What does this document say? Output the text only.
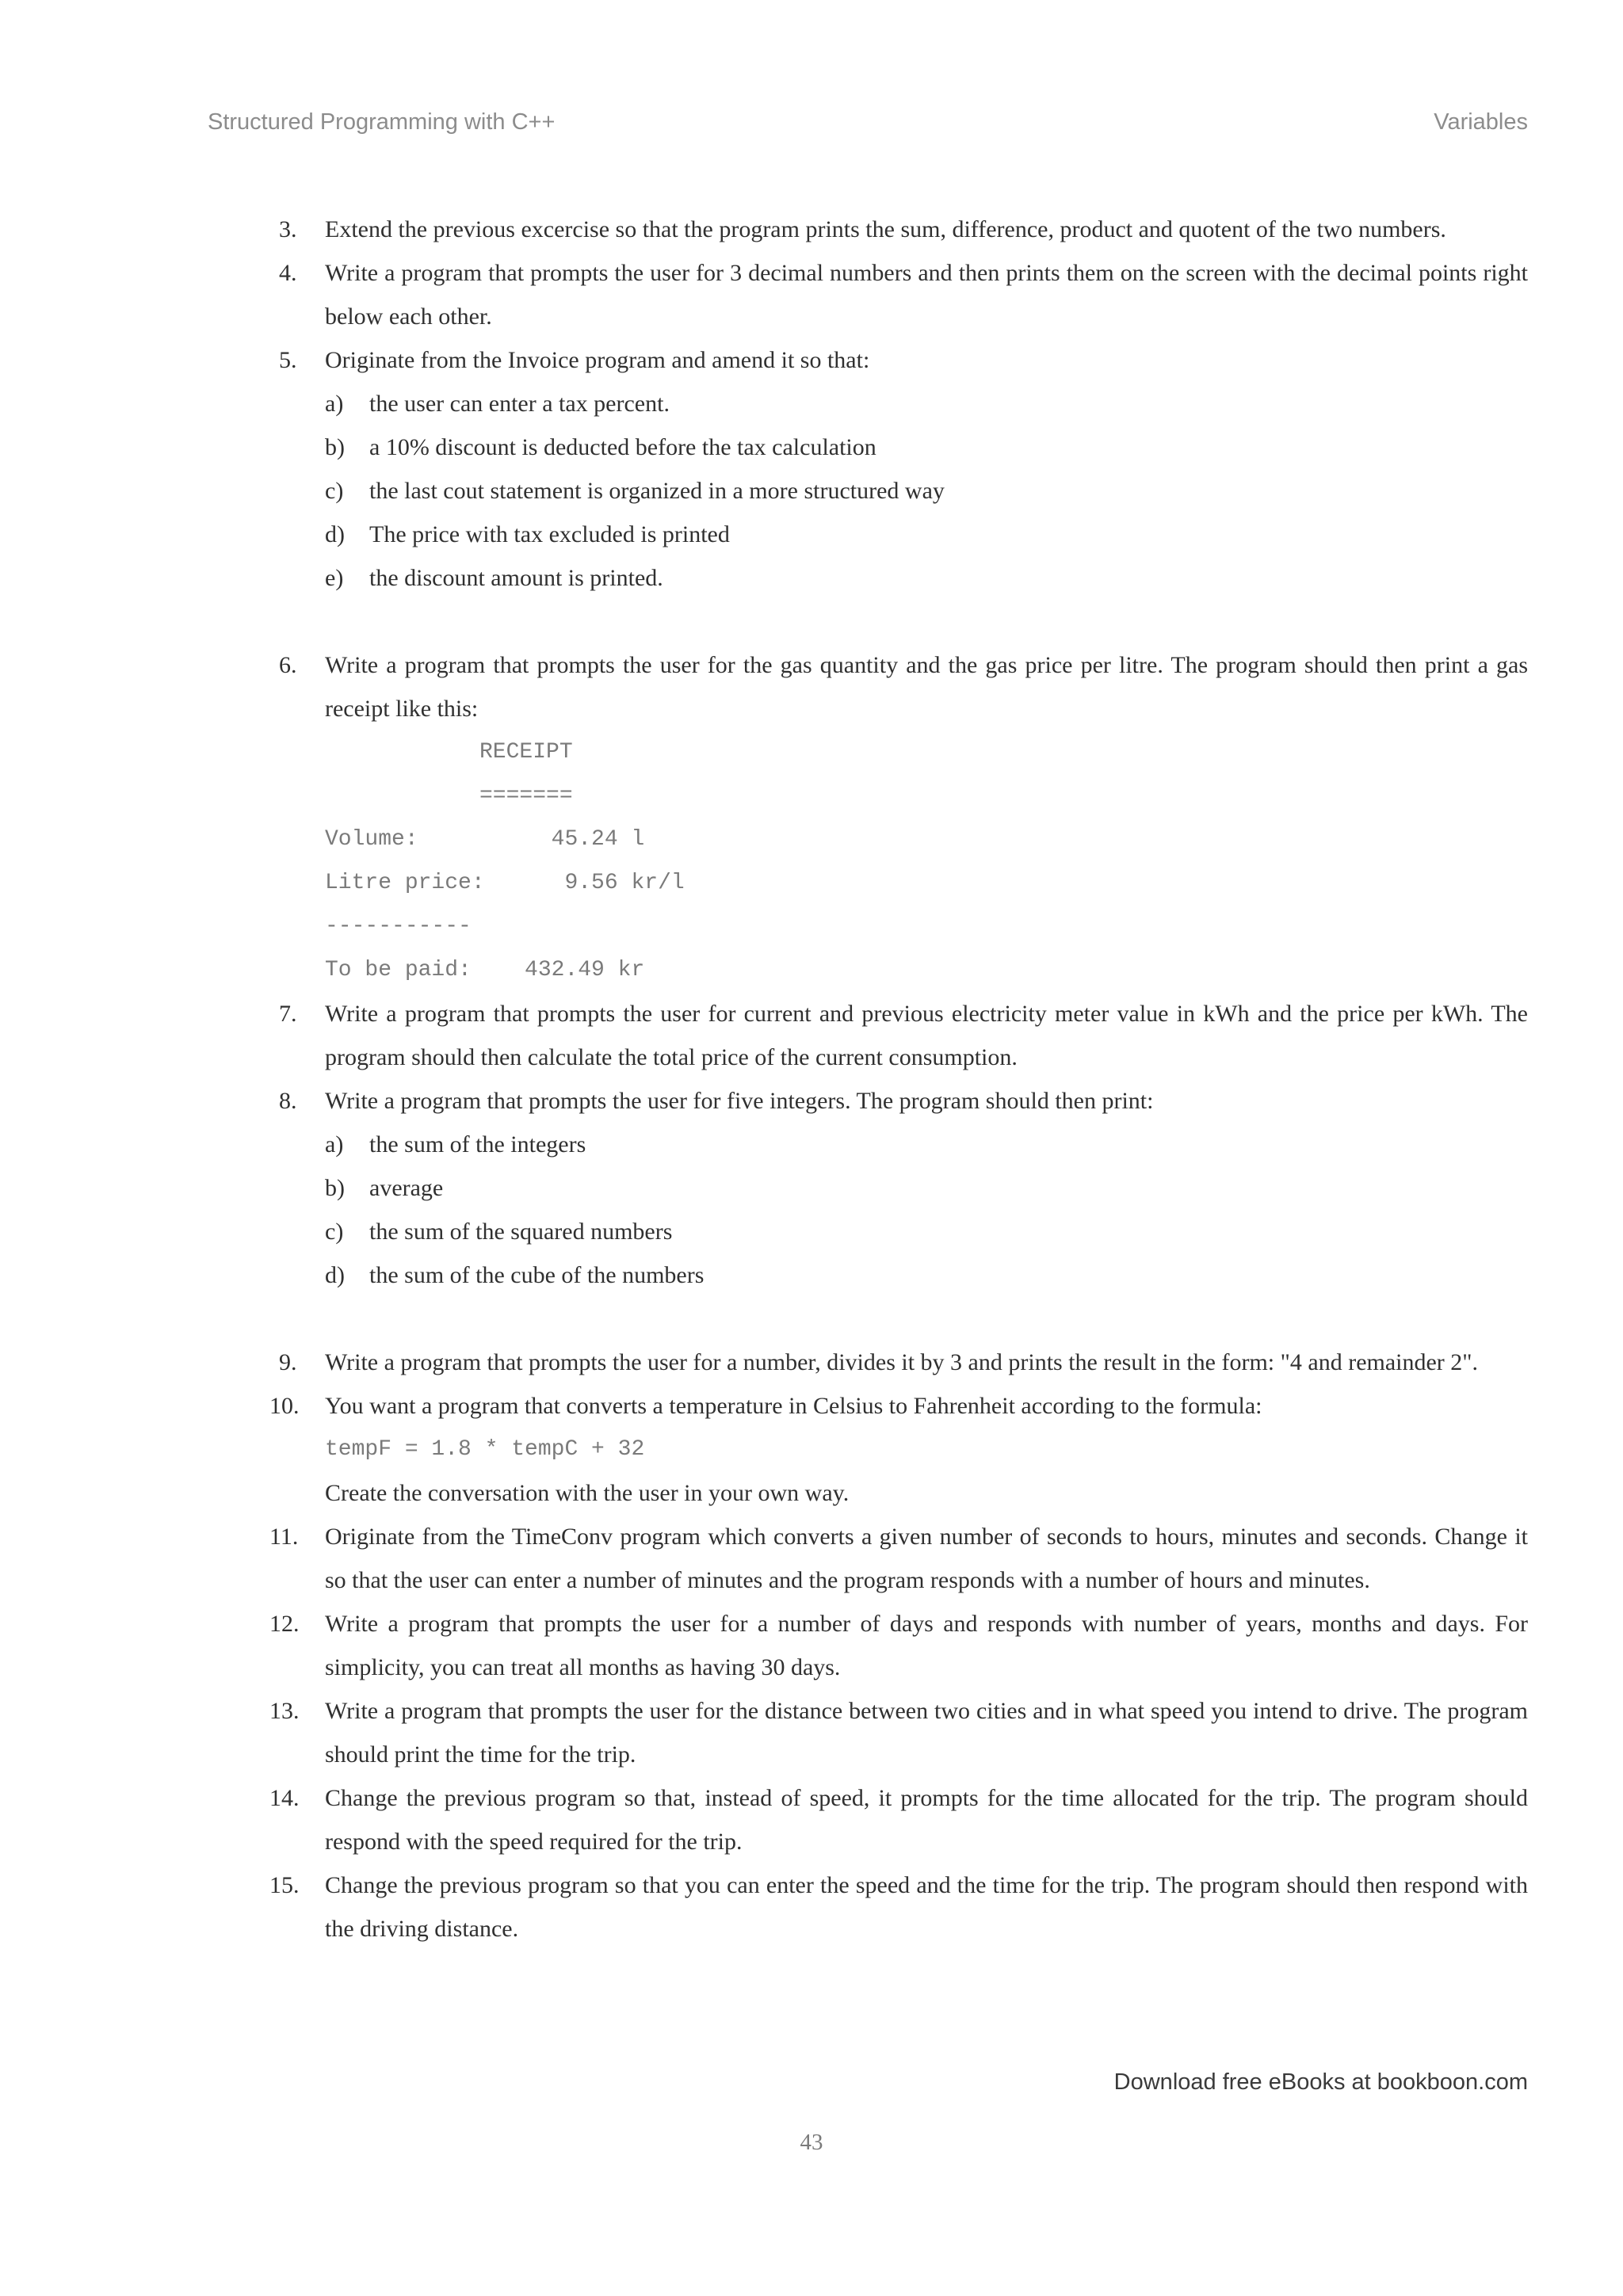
Structured Programming with C++	Variables
3.	Extend the previous excercise so that the program prints the sum, difference, product and quotent of the two numbers.
4.	Write a program that prompts the user for 3 decimal numbers and then prints them on the screen with the decimal points right below each other.
5.	Originate from the Invoice program and amend it so that:
a) the user can enter a tax percent.
b) a 10% discount is deducted before the tax calculation
c) the last cout statement is organized in a more structured way
d) The price with tax excluded is printed
e) the discount amount is printed.
6.	Write a program that prompts the user for the gas quantity and the gas price per litre. The program should then print a gas receipt like this:
RECEIPT
=======
Volume:          45.24 l
Litre price:      9.56 kr/l
-----------
To be paid:    432.49 kr
7.	Write a program that prompts the user for current and previous electricity meter value in kWh and the price per kWh. The program should then calculate the total price of the current consumption.
8.	Write a program that prompts the user for five integers. The program should then print:
a) the sum of the integers
b) average
c) the sum of the squared numbers
d) the sum of the cube of the numbers
9.	Write a program that prompts the user for a number, divides it by 3 and prints the result in the form: "4 and remainder 2".
10.	You want a program that converts a temperature in Celsius to Fahrenheit according to the formula:
tempF = 1.8 * tempC + 32
Create the conversation with the user in your own way.
11.	Originate from the TimeConv program which converts a given number of seconds to hours, minutes and seconds. Change it so that the user can enter a number of minutes and the program responds with a number of hours and minutes.
12.	Write a program that prompts the user for a number of days and responds with number of years, months and days. For simplicity, you can treat all months as having 30 days.
13.	Write a program that prompts the user for the distance between two cities and in what speed you intend to drive. The program should print the time for the trip.
14.	Change the previous program so that, instead of speed, it prompts for the time allocated for the trip. The program should respond with the speed required for the trip.
15.	Change the previous program so that you can enter the speed and the time for the trip. The program should then respond with the driving distance.
Download free eBooks at bookboon.com
43
